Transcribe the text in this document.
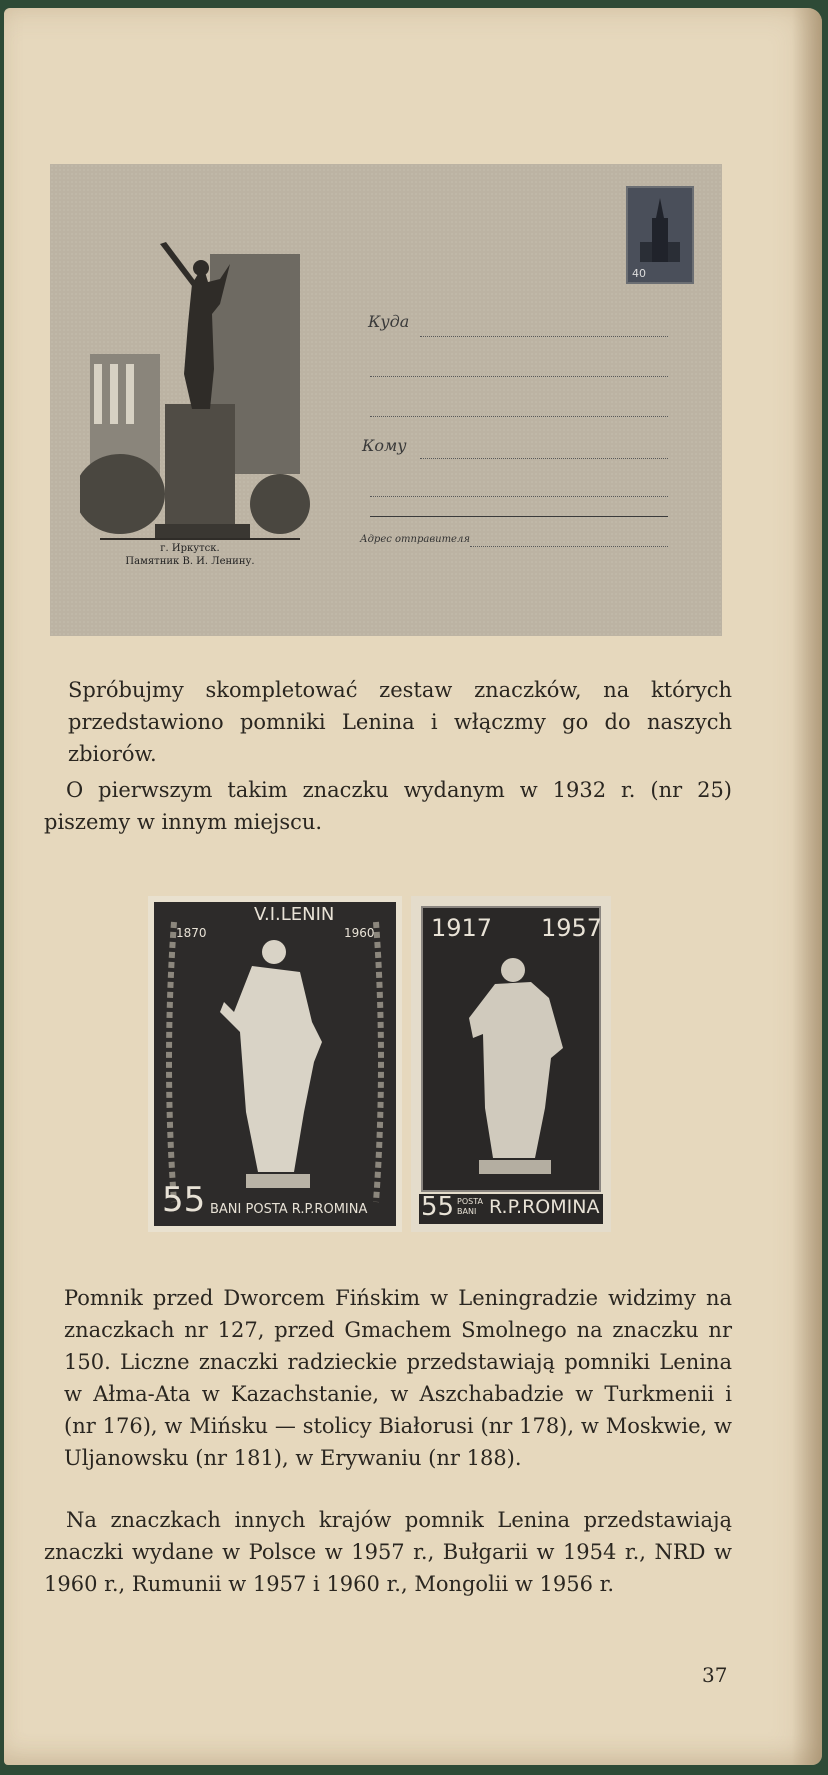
г. Иркутск.
Памятник В. И. Ленину.
40
Куда
Кому
Адрес отправителя

Spróbujmy skompletować zestaw znaczków, na których przedstawiono pomniki Lenina i włączmy go do naszych zbiorów.

O pierwszym takim znaczku wydanym w 1932 r. (nr 25) piszemy w innym miejscu.

V.I.LENIN
1870	1960
55 BANI POSTA R.P.ROMINA
1917 1957
55 POSTA BANI R.P.ROMINA

Pomnik przed Dworcem Fińskim w Leningradzie widzimy na znaczkach nr 127, przed Gmachem Smolnego na znaczku nr 150. Liczne znaczki radzieckie przedstawiają pomniki Lenina w Ałma-Ata w Kazachstanie, w Aszchabadzie w Turkmenii i (nr 176), w Mińsku — stolicy Białorusi (nr 178), w Moskwie, w Uljanowsku (nr 181), w Erywaniu (nr 188).

Na znaczkach innych krajów pomnik Lenina przedstawiają znaczki wydane w Polsce w 1957 r., Bułgarii w 1954 r., NRD w 1960 r., Rumunii w 1957 i 1960 r., Mongolii w 1956 r.

37
